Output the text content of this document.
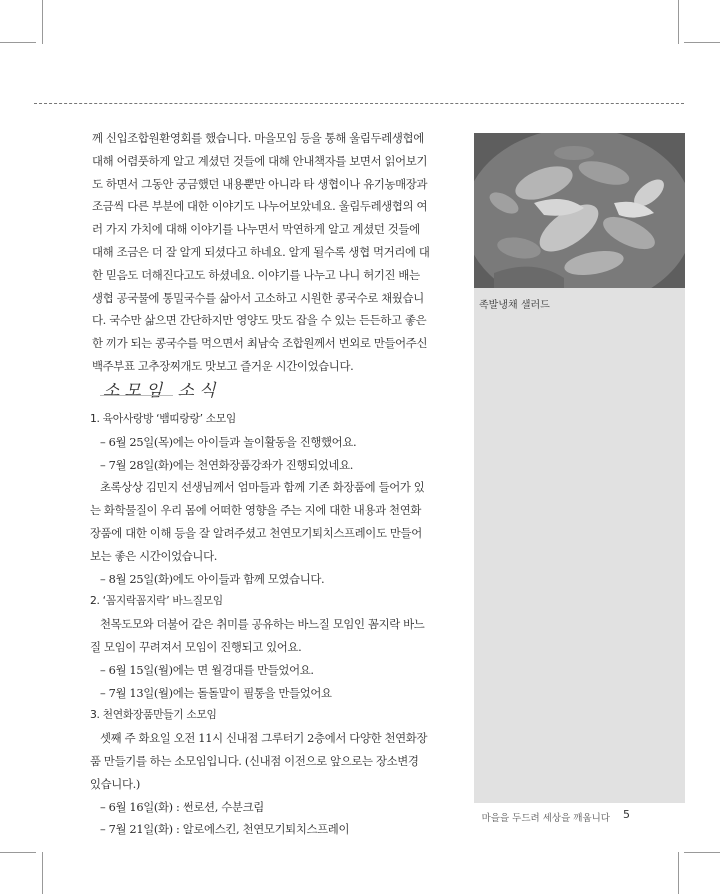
족발냉채 샐러드
께 신입조합원환영회를 했습니다. 마을모임 등을 통해 울림두레생협에
대해 어렴풋하게 알고 계셨던 것들에 대해 안내책자를 보면서 읽어보기
도 하면서 그동안 궁금했던 내용뿐만 아니라 타 생협이나 유기농매장과
조금씩 다른 부분에 대한 이야기도 나누어보았네요. 울림두레생협의 여
러 가지 가치에 대해 이야기를 나누면서 막연하게 알고 계셨던 것들에
대해 조금은 더 잘 알게 되셨다고 하네요. 알게 될수록 생협 먹거리에 대
한 믿음도 더해진다고도 하셨네요. 이야기를 나누고 나니 허기진 배는
생협 공국물에 통밀국수를 삶아서 고소하고 시원한 콩국수로 채웠습니
다. 국수만 삶으면 간단하지만 영양도 맛도 잡을 수 있는 든든하고 좋은
한 끼가 되는 콩국수를 먹으면서 최남숙 조합원께서 번외로 만들어주신
백주부표 고추장찌개도 맛보고 즐거운 시간이었습니다.
소모임 소식
1. 육아사랑방 ‘뱀띠랑랑’ 소모임
– 6월 25일(목)에는 아이들과 놀이활동을 진행했어요.
– 7월 28일(화)에는 천연화장품강좌가 진행되었네요.
초록상상 김민지 선생님께서 엄마들과 함께 기존 화장품에 들어가 있
는 화학물질이 우리 몸에 어떠한 영향을 주는 지에 대한 내용과 천연화
장품에 대한 이해 등을 잘 알려주셨고 천연모기퇴치스프레이도 만들어
보는 좋은 시간이었습니다.
– 8월 25일(화)에도 아이들과 함께 모였습니다.
2. ‘꼼지락꼼지락’ 바느질모임
천목도모와 더불어 같은 취미를 공유하는 바느질 모임인 꼼지락 바느
질 모임이 꾸려져서 모임이 진행되고 있어요.
– 6월 15일(월)에는 면 월경대를 만들었어요.
– 7월 13일(월)에는 돌돌말이 필통을 만들었어요
3. 천연화장품만들기 소모임
셋째 주 화요일 오전 11시 신내점 그루터기 2층에서 다양한 천연화장
품 만들기를 하는 소모임입니다. (신내점 이전으로 앞으로는 장소변경
있습니다.)
– 6월 16일(화) : 썬로션, 수분크림
– 7월 21일(화) : 알로에스킨, 천연모기퇴치스프레이
마을을 두드려 세상을 깨웁니다 5
